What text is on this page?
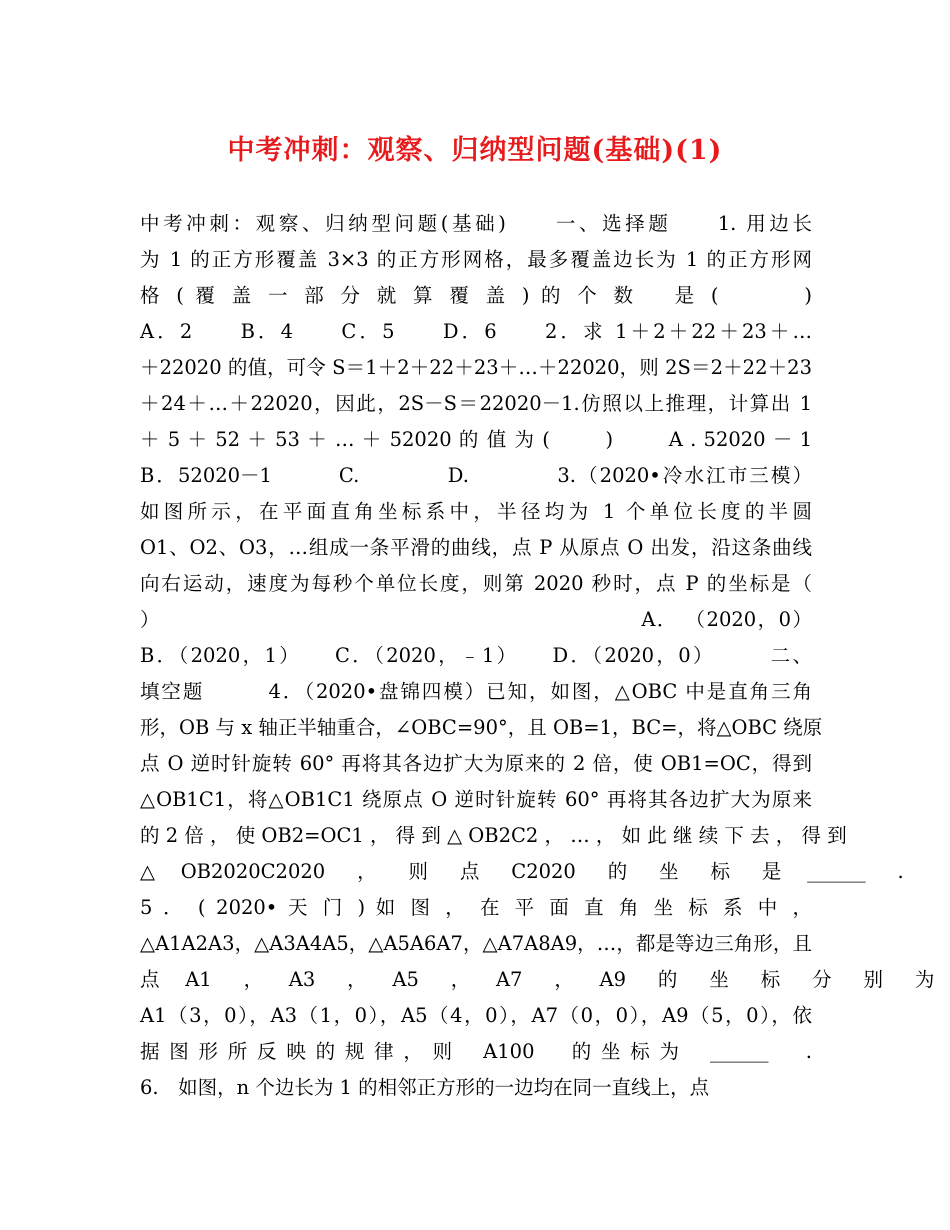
中考冲刺：观察、归纳型问题(基础)(1)
中考冲刺：观察、归纳型问题(基础)　　一、选择题　　1. 用边长
为 1 的正方形覆盖 3×3 的正方形网格，最多覆盖边长为 1 的正方形网
格 ( 覆 盖 一 部 分 就 算 覆 盖 ) 的 个 数 　是 ( 　　　)
A．2　　B．4　　C．5　　D．6　　2．求 1＋2＋22＋23＋…
＋22020 的值，可令 S＝1＋2＋22＋23＋…＋22020，则 2S＝2＋22＋23
＋24＋…＋22020，因此，2S－S＝22020－1.仿照以上推理，计算出 1
＋ 5 ＋ 52 ＋ 53 ＋ … ＋ 52020 的 值 为 ( 　　 ) 　　 A . 52020 － 1
B．52020－1　　　C.　　　　D.　　　　3.（2020•冷水江市三模）
如图所示，在平面直角坐标系中，半径均为 1 个单位长度的半圆
O1、O2、O3，…组成一条平滑的曲线，点 P 从原点 O 出发，沿这条曲线
向右运动，速度为每秒个单位长度，则第 2020 秒时，点 P 的坐标是（
）　　　　　　　　　　　　　　　　　　　　　　　 A． （2020，0）
B．（2020，1）　　C．（2020，﹣1）　　D．（2020，0）　　　二、
填空题　　　4．（2020•盘锦四模）已知，如图，△OBC 中是直角三角
形，OB 与 x 轴正半轴重合，∠OBC=90°，且 OB=1，BC=，将△OBC 绕原
点 O 逆时针旋转 60° 再将其各边扩大为原来的 2 倍，使 OB1=OC，得到
△OB1C1，将△OB1C1 绕原点 O 逆时针旋转 60° 再将其各边扩大为原来
的 2 倍 ， 使 OB2=OC1 ， 得 到 △ OB2C2 ， … ， 如 此 继 续 下 去 ， 得 到
△ 　OB2020C2020 　 ， 　 则 　 点 　 C2020 　 的 　 坐 　 标 　 是 　______ 　 .
5 ． ( 2020• 天 门 ) 如 图 ， 在 平 面 直 角 坐 标 系 中 ，
△A1A2A3，△A3A4A5，△A5A6A7，△A7A8A9，…，都是等边三角形，且
点 　A1 　 ， 　A3 　 ， 　A5 　 ， 　A7 　 ， 　A9 　 的 　 坐 　 标 　 分 　 别 　 为
A1（3，0），A3（1，0），A5（4，0），A7（0，0），A9（5，0），依
据 图 形 所 反 映 的 规 律 ， 则 　A100 　 的 坐 标 为 　______ 　 .
6.　如图，n 个边长为 1 的相邻正方形的一边均在同一直线上，点
